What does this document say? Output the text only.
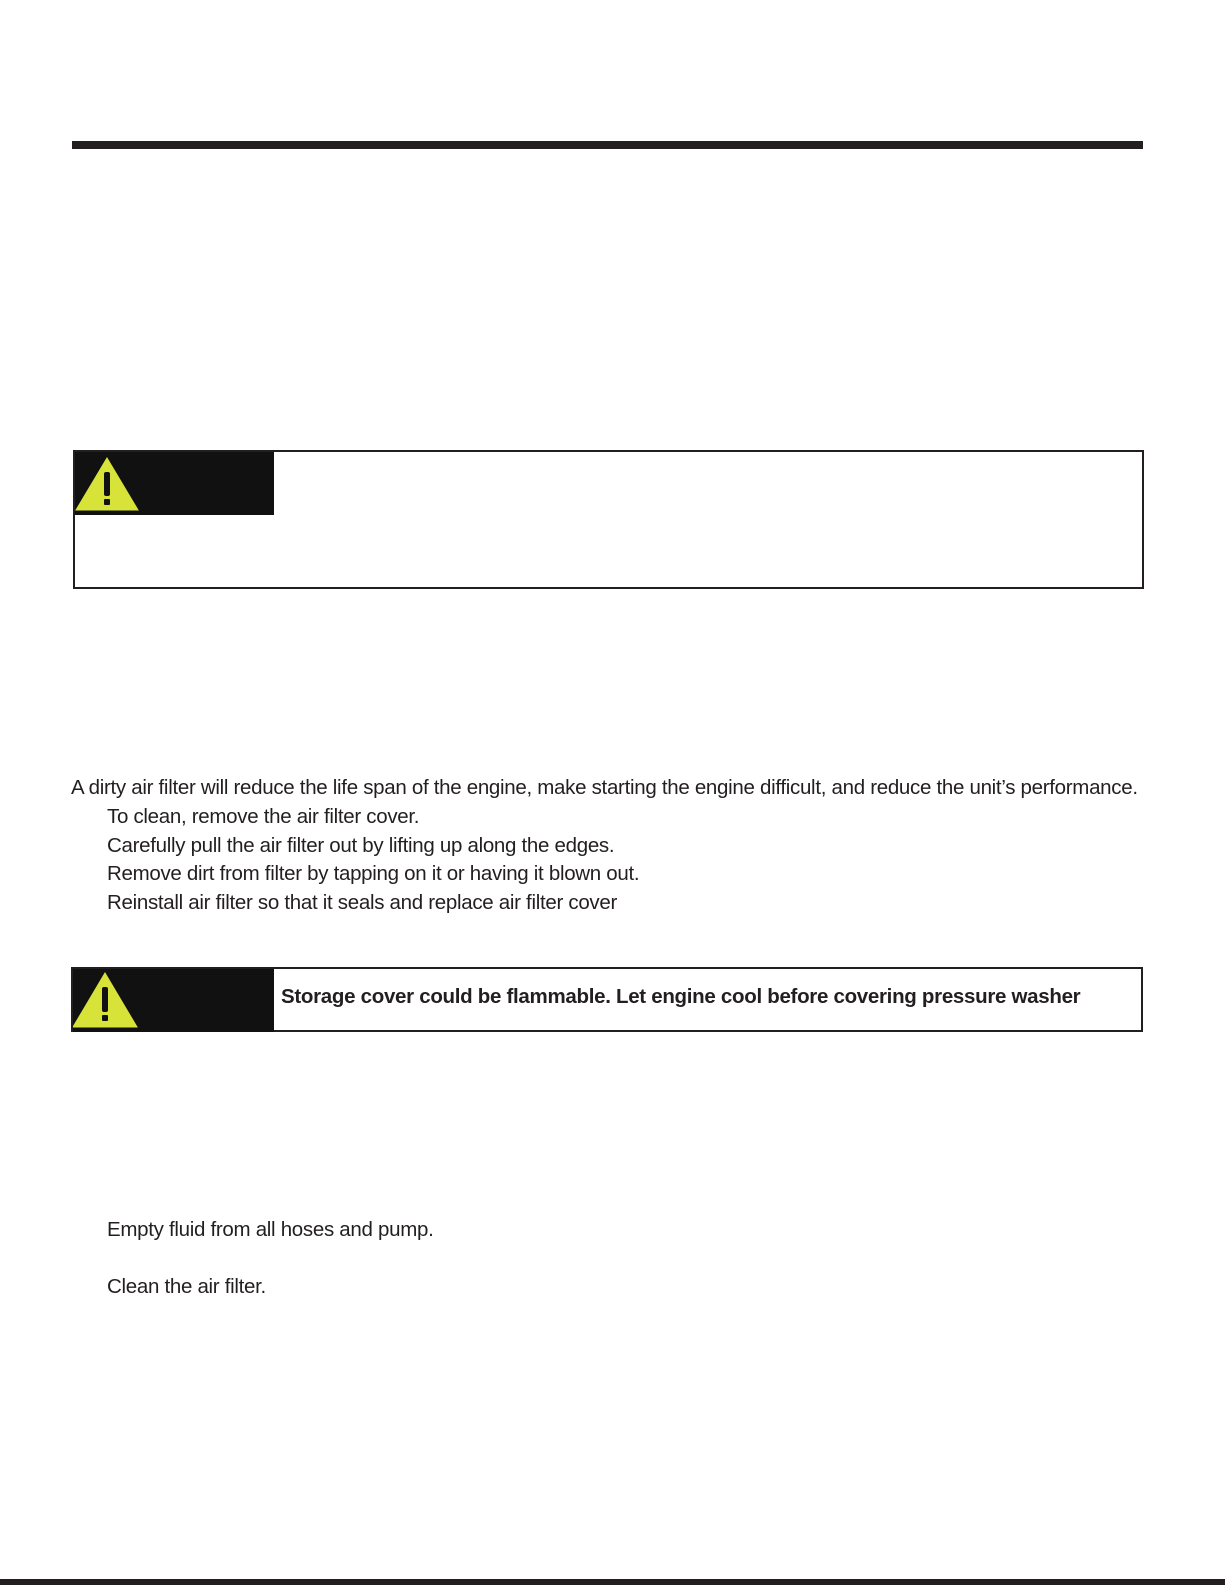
A dirty air filter will reduce the life span of the engine, make starting the engine difficult, and reduce the unit’s performance.

To clean, remove the air filter cover.
Carefully pull the air filter out by lifting up along the edges.
Remove dirt from filter by tapping on it or having it blown out.
Reinstall air filter so that it seals and replace air filter cover
Storage cover could be flammable. Let engine cool before covering pressure washer

Empty fluid from all hoses and pump.

Clean the air filter.
